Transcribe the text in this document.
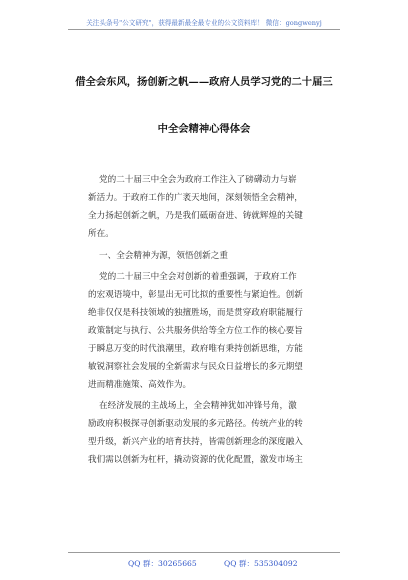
关注头条号"公文研究"，获得最新最全最专业的公文资料库！ 微信：gongwenyj
借全会东风，扬创新之帆——政府人员学习党的二十届三
中全会精神心得体会
党的二十届三中全会为政府工作注入了磅礴动力与崭
新活力。于政府工作的广袤天地间，深刻领悟全会精神，
全力扬起创新之帆，乃是我们砥砺奋进、铸就辉煌的关键
所在。
一、全会精神为源，领悟创新之重
党的二十届三中全会对创新的着重强调，于政府工作
的宏观语境中，彰显出无可比拟的重要性与紧迫性。创新
绝非仅仅是科技领域的独擅胜场，而是贯穿政府职能履行
政策制定与执行、公共服务供给等全方位工作的核心要旨
于瞬息万变的时代浪潮里，政府唯有秉持创新思维，方能
敏锐洞察社会发展的全新需求与民众日益增长的多元期望
进而精准施策、高效作为。
在经济发展的主战场上，全会精神犹如冲锋号角，激
励政府积极探寻创新驱动发展的多元路径。传统产业的转
型升级，新兴产业的培育扶持，皆需创新理念的深度融入
我们需以创新为杠杆，撬动资源的优化配置，激发市场主
QQ 群：30265665	QQ 群：535304092
